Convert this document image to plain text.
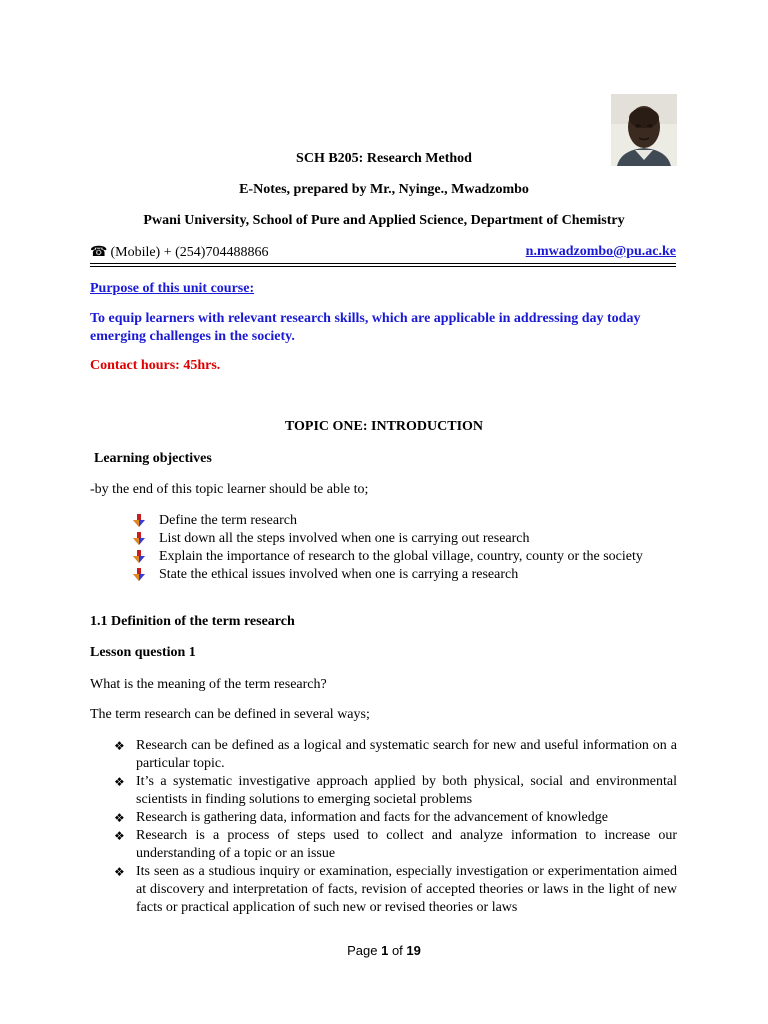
SCH B205: Research Method
E-Notes, prepared by Mr., Nyinge., Mwadzombo
Pwani University, School of Pure and Applied Science, Department of Chemistry
☎ (Mobile) + (254)704488866	n.mwadzombo@pu.ac.ke
Purpose of this unit course:
To equip learners with relevant research skills, which are applicable in addressing day today emerging challenges in the society.
Contact hours: 45hrs.
TOPIC ONE: INTRODUCTION
Learning objectives
-by the end of this topic learner should be able to;
Define the term research
List down all the steps involved when one is carrying out research
Explain the importance of research to the global village, country, county or the society
State the ethical issues involved when one is carrying a research
1.1 Definition of the term research
Lesson question 1
What is the meaning of the term research?
The term research can be defined in several ways;
❖ Research can be defined as a logical and systematic search for new and useful information on a particular topic.
❖ It’s a systematic investigative approach applied by both physical, social and environmental scientists in finding solutions to emerging societal problems
❖ Research is gathering data, information and facts for the advancement of knowledge
❖ Research is a process of steps used to collect and analyze information to increase our understanding of a topic or an issue
❖ Its seen as a studious inquiry or examination, especially investigation or experimentation aimed at discovery and interpretation of facts, revision of accepted theories or laws in the light of new facts or practical application of such new or revised theories or laws
Page 1 of 19
